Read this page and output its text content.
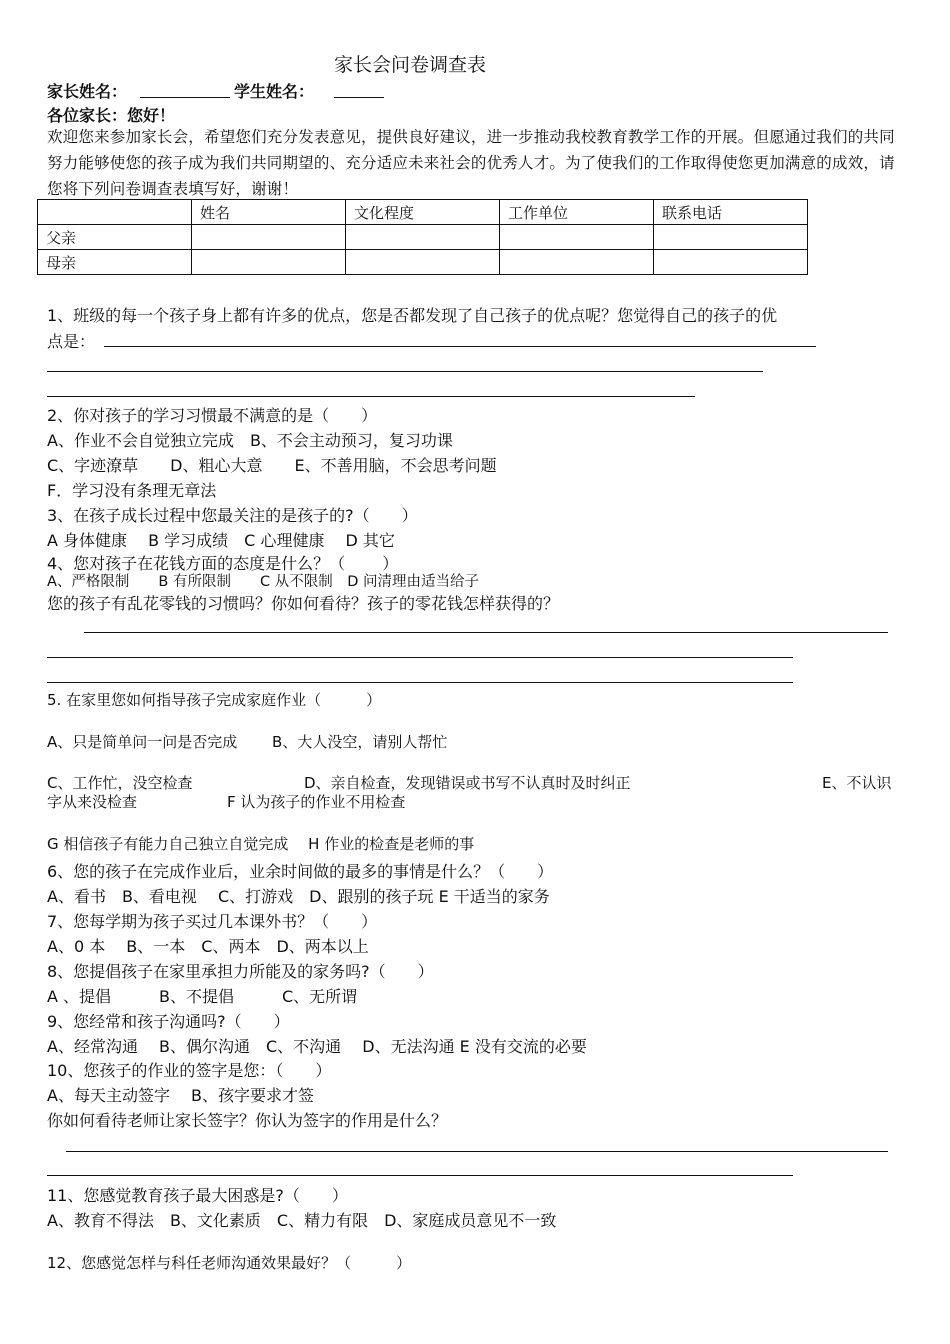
家长会问卷调查表
家长姓名：	学生姓名：
各位家长：您好！
欢迎您来参加家长会，希望您们充分发表意见，提供良好建议，进一步推动我校教育教学工作的开展。但愿通过我们的共同努力能够使您的孩子成为我们共同期望的、充分适应未来社会的优秀人才。为了使我们的工作取得使您更加满意的成效，请您将下列问卷调查表填写好，谢谢！
	姓名	文化程度	工作单位	联系电话
父亲				
母亲				
1、班级的每一个孩子身上都有许多的优点，您是否都发现了自己孩子的优点呢？您觉得自己的孩子的优
点是：
2、你对孩子的学习习惯最不满意的是（　　）
A、作业不会自觉独立完成　B、不会主动预习，复习功课
C、字迹潦草　　D、粗心大意　　E、不善用脑，不会思考问题
F．学习没有条理无章法
3、在孩子成长过程中您最关注的是孩子的?（　　）
A 身体健康　 B 学习成绩　C 心理健康　 D 其它
4、您对孩子在花钱方面的态度是什么？（　　 ）
A、严格限制　　B 有所限制　　C 从不限制　D 问清理由适当给子
您的孩子有乱花零钱的习惯吗？你如何看待？孩子的零花钱怎样获得的？
5. 在家里您如何指导孩子完成家庭作业（　　　）
A、只是简单问一问是否完成　　 B、大人没空，请别人帮忙
C、工作忙，没空检查	D、亲自检查，发现错误或书写不认真时及时纠正	E、不认识
字从来没检查	F 认为孩子的作业不用检查
G 相信孩子有能力自己独立自觉完成　 H 作业的检查是老师的事
6、您的孩子在完成作业后，业余时间做的最多的事情是什么？（　　）
A、看书　B、看电视　 C、打游戏　D、跟别的孩子玩 E 干适当的家务
7、您每学期为孩子买过几本课外书？（　　）
A、0 本　 B、一本　C、两本　D、两本以上
8、您提倡孩子在家里承担力所能及的家务吗?（　　）
A 、提倡　　　B、不提倡　　　C、无所谓
9、您经常和孩子沟通吗?（　　）
A、经常沟通　 B、偶尔沟通　C、不沟通　 D、无法沟通 E 没有交流的必要
10、您孩子的作业的签字是您：（　　）
A、每天主动签字　 B、孩字要求才签
你如何看待老师让家长签字？你认为签字的作用是什么？
11、您感觉教育孩子最大困惑是?（　　）
A、教育不得法　B、文化素质　C、精力有限　D、家庭成员意见不一致
12、您感觉怎样与科任老师沟通效果最好？（　　　）
